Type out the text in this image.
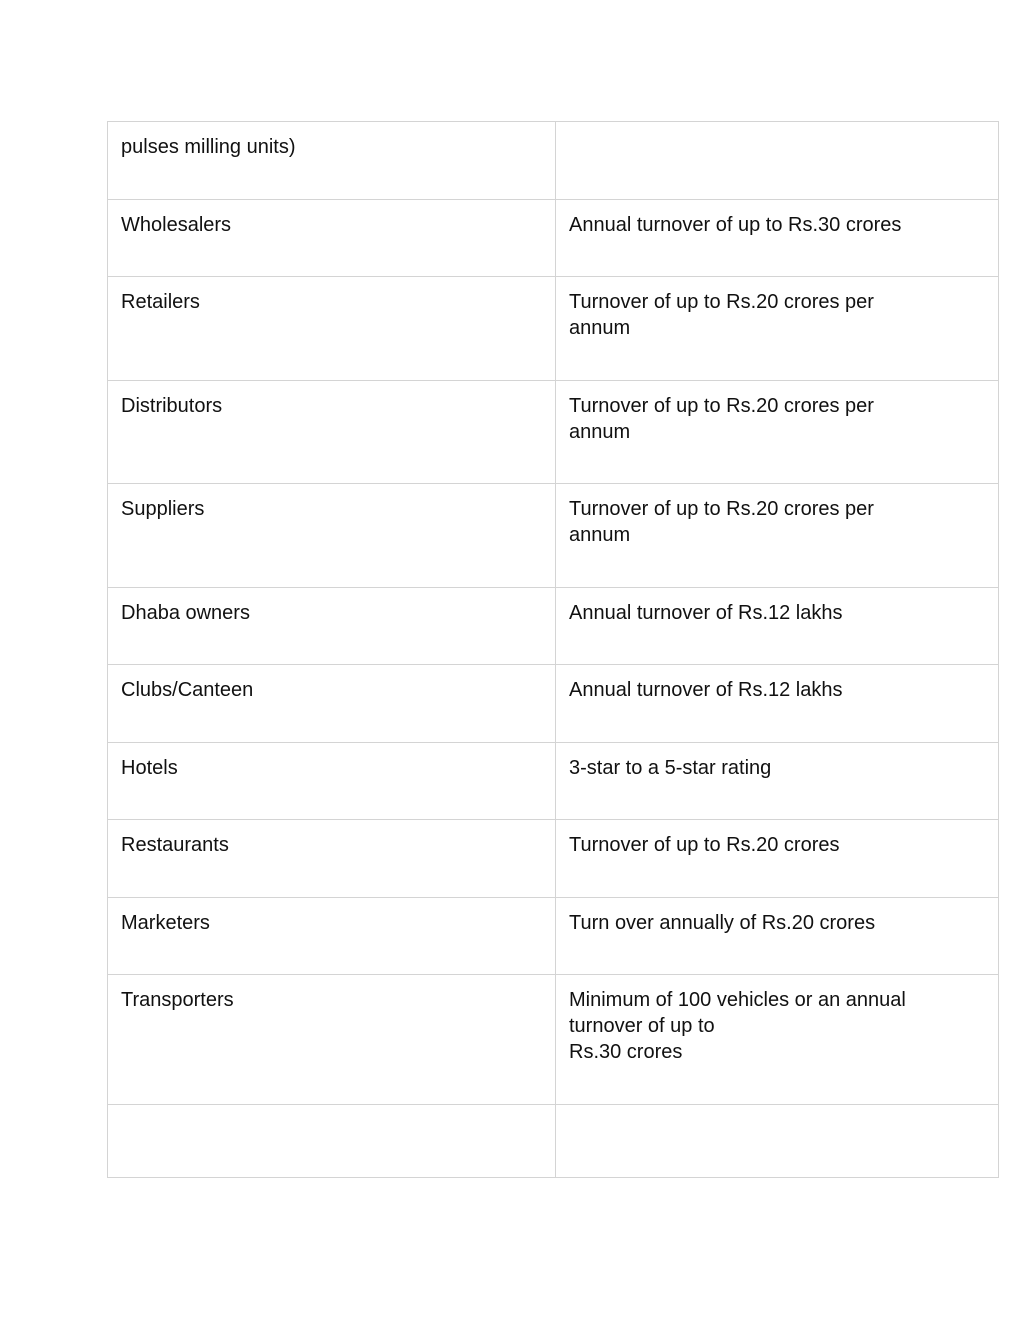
pulses milling units)	
Wholesalers	Annual turnover of up to Rs.30 crores
Retailers	Turnover of up to Rs.20 crores per
annum
Distributors	Turnover of up to Rs.20 crores per
annum
Suppliers	Turnover of up to Rs.20 crores per
annum
Dhaba owners	Annual turnover of Rs.12 lakhs
Clubs/Canteen	Annual turnover of Rs.12 lakhs
Hotels	3-star to a 5-star rating
Restaurants	Turnover of up to Rs.20 crores
Marketers	Turn over annually of Rs.20 crores
Transporters	Minimum of 100 vehicles or an annual
turnover of up to
Rs.30 crores
